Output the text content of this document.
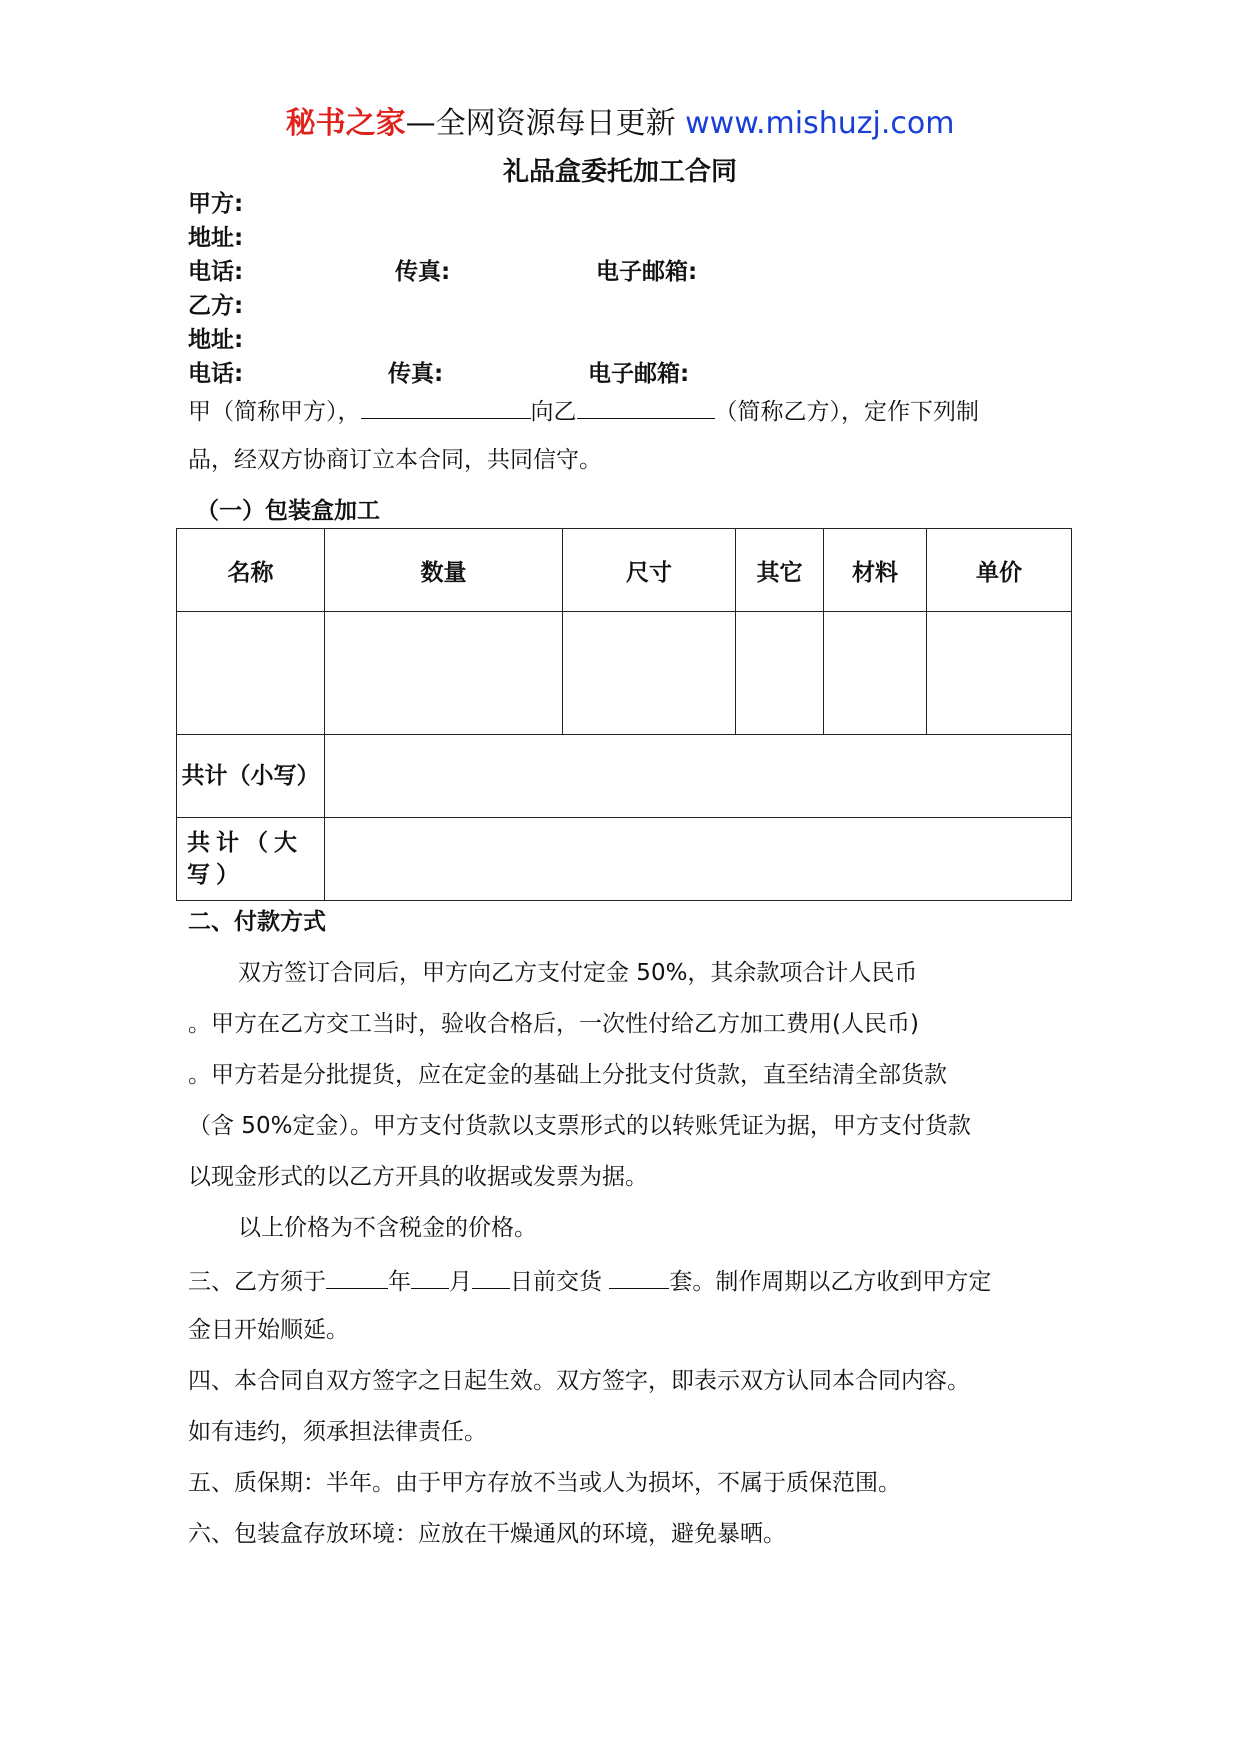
秘书之家—全网资源每日更新 www.mishuzj.com
礼品盒委托加工合同
甲方:
地址:
电话:	传真:	电子邮箱:
乙方:
地址:
电话:	传真:	电子邮箱:
甲（简称甲方），	向乙	（简称乙方），定作下列制
品，经双方协商订立本合同，共同信守。
（一）包装盒加工
名称	数量	尺寸	其它	材料	单价

共计（小写）					
共计（大写）					
二、付款方式
双方签订合同后，甲方向乙方支付定金 50%，其余款项合计人民币
。甲方在乙方交工当时，验收合格后，一次性付给乙方加工费用(人民币)
。甲方若是分批提货，应在定金的基础上分批支付货款，直至结清全部货款
（含 50%定金）。甲方支付货款以支票形式的以转账凭证为据，甲方支付货款
以现金形式的以乙方开具的收据或发票为据。
以上价格为不含税金的价格。
三、乙方须于	年 月 日前交货	套。制作周期以乙方收到甲方定
金日开始顺延。
四、本合同自双方签字之日起生效。双方签字，即表示双方认同本合同内容。
如有违约，须承担法律责任。
五、质保期：半年。由于甲方存放不当或人为损坏，不属于质保范围。
六、包装盒存放环境：应放在干燥通风的环境，避免暴晒。
